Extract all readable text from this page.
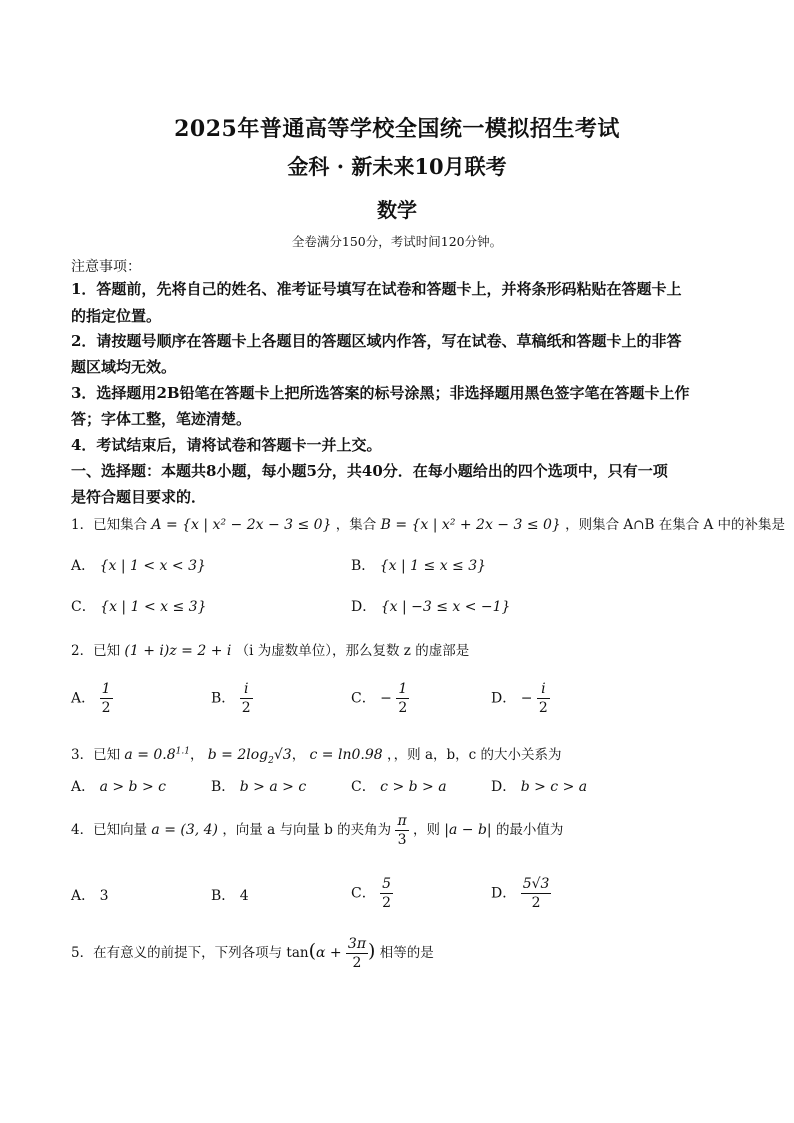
2025年普通高等学校全国统一模拟招生考试
金科 · 新未来10月联考
数学
全卷满分150分，考试时间120分钟。
注意事项：
1．答题前，先将自己的姓名、准考证号填写在试卷和答题卡上，并将条形码粘贴在答题卡上
的指定位置。
2．请按题号顺序在答题卡上各题目的答题区域内作答，写在试卷、草稿纸和答题卡上的非答
题区域均无效。
3．选择题用2B铅笔在答题卡上把所选答案的标号涂黑；非选择题用黑色签字笔在答题卡上作
答；字体工整，笔迹清楚。
4．考试结束后，请将试卷和答题卡一并上交。
一、选择题：本题共8小题，每小题5分，共40分．在每小题给出的四个选项中，只有一项
是符合题目要求的．
1．已知集合 A = {x | x² − 2x − 3 ≤ 0} ，集合 B = {x | x² + 2x − 3 ≤ 0} ，则集合 A∩B 在集合 A 中的补集是
A． {x | 1 < x < 3}	B． {x | 1 ≤ x ≤ 3}
C． {x | 1 < x ≤ 3}	D． {x | −3 ≤ x < −1}
2．已知 (1 + i)z = 2 + i （i 为虚数单位），那么复数 z 的虚部是
A． $\frac{1}{2}$	B． $\frac{i}{2}$	C． − $\frac{1}{2}$	D． − $\frac{i}{2}$
3．已知 $a = 0.8^{1.1}$， $b = 2\log_2√3$， c = ln0.98 ，，则 a，b，c 的大小关系为
A． a > b > c	B． b > a > c	C． c > b > a	D． b > c > a
4．已知向量 a = (3, 4) ，向量 a 与向量 b 的夹角为 $\frac{\pi}{3}$ ，则 |a − b| 的最小值为
A． 3	B． 4	C． $\frac{5}{2}$	D． $\frac{5√3}{2}$
5．在有意义的前提下，下列各项与 $\tan(\alpha + \frac{3\pi}{2}$ ) 相等的是
